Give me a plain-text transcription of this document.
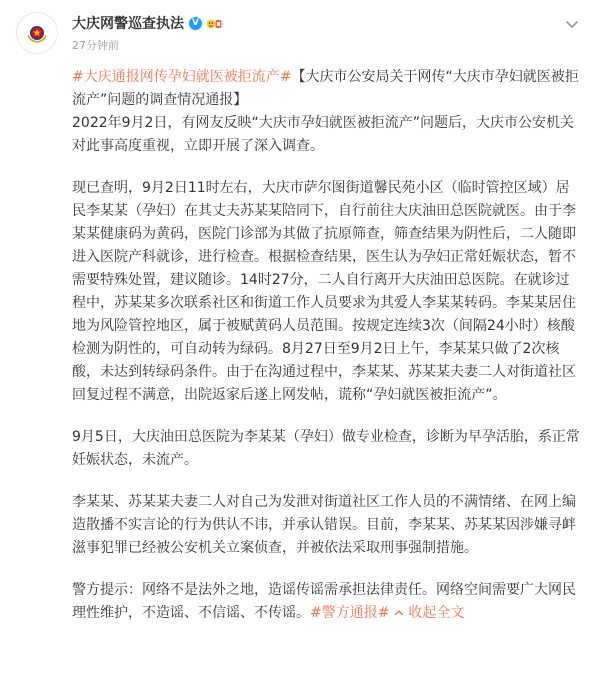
大庆网警巡查执法 V
27分钟前

#大庆通报网传孕妇就医被拒流产#【大庆市公安局关于网传“大庆市孕妇就医被拒流产”问题的调查情况通报】

2022年9月2日，有网友反映“大庆市孕妇就医被拒流产”问题后，大庆市公安机关对此事高度重视，立即开展了深入调查。

现已查明，9月2日11时左右，大庆市萨尔图街道馨民苑小区（临时管控区域）居民李某某（孕妇）在其丈夫苏某某陪同下，自行前往大庆油田总医院就医。由于李某某健康码为黄码，医院门诊部为其做了抗原筛查，筛查结果为阴性后，二人随即进入医院产科就诊，进行检查。根据检查结果，医生认为孕妇正常妊娠状态，暂不需要特殊处置，建议随诊。14时27分，二人自行离开大庆油田总医院。在就诊过程中，苏某某多次联系社区和街道工作人员要求为其爱人李某某转码。李某某居住地为风险管控地区，属于被赋黄码人员范围。按规定连续3次（间隔24小时）核酸检测为阴性的，可自动转为绿码。8月27日至9月2日上午，李某某只做了2次核酸，未达到转绿码条件。由于在沟通过程中，李某某、苏某某夫妻二人对街道社区回复过程不满意，出院返家后遂上网发帖，谎称“孕妇就医被拒流产”。

9月5日，大庆油田总医院为李某某（孕妇）做专业检查，诊断为早孕活胎，系正常妊娠状态，未流产。

李某某、苏某某夫妻二人对自己为发泄对街道社区工作人员的不满情绪、在网上编造散播不实言论的行为供认不讳，并承认错误。目前，李某某、苏某某因涉嫌寻衅滋事犯罪已经被公安机关立案侦查，并被依法采取刑事强制措施。

警方提示：网络不是法外之地，造谣传谣需承担法律责任。网络空间需要广大网民理性维护，不造谣、不信谣、不传谣。#警方通报# 收起全文
